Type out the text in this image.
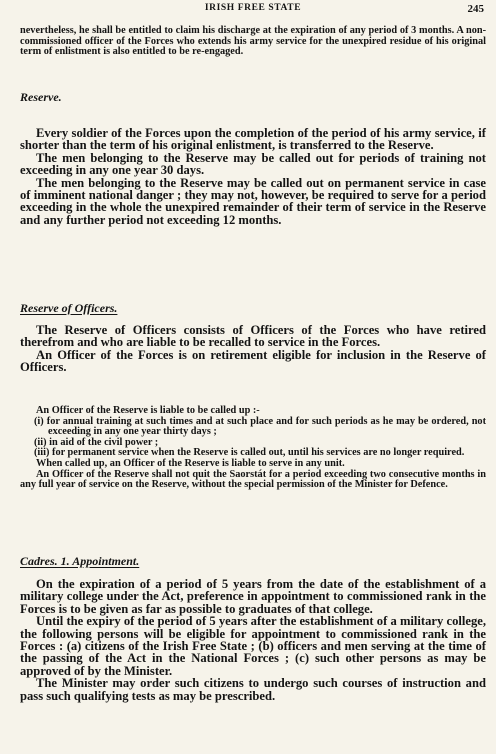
IRISH FREE STATE	245

nevertheless, he shall be entitled to claim his discharge at the expiration of any period of 3 months. A non-commissioned officer of the Forces who extends his army service for the unexpired residue of his original term of enlistment is also entitled to be re-engaged.

Reserve.

Every soldier of the Forces upon the completion of the period of his army service, if shorter than the term of his original enlistment, is transferred to the Reserve.

The men belonging to the Reserve may be called out for periods of training not exceeding in any one year 30 days.

The men belonging to the Reserve may be called out on permanent service in case of imminent national danger ; they may not, however, be required to serve for a period exceeding in the whole the unexpired remainder of their term of service in the Reserve and any further period not exceeding 12 months.

Reserve of Officers.

The Reserve of Officers consists of Officers of the Forces who have retired therefrom and who are liable to be recalled to service in the Forces.

An Officer of the Forces is on retirement eligible for inclusion in the Reserve of Officers.

An Officer of the Reserve is liable to be called up :-

(i) for annual training at such times and at such place and for such periods as he may be ordered, not exceeding in any one year thirty days ;

(ii) in aid of the civil power ;

(iii) for permanent service when the Reserve is called out, until his services are no longer required.

When called up, an Officer of the Reserve is liable to serve in any unit.

An Officer of the Reserve shall not quit the Saorstát for a period exceeding two consecutive months in any full year of service on the Reserve, without the special permission of the Minister for Defence.

Cadres. 1. Appointment.

On the expiration of a period of 5 years from the date of the establishment of a military college under the Act, preference in appointment to commissioned rank in the Forces is to be given as far as possible to graduates of that college.

Until the expiry of the period of 5 years after the establishment of a military college, the following persons will be eligible for appointment to commissioned rank in the Forces : (a) citizens of the Irish Free State ; (b) officers and men serving at the time of the passing of the Act in the National Forces ; (c) such other persons as may be approved of by the Minister.

The Minister may order such citizens to undergo such courses of instruction and pass such qualifying tests as may be prescribed.
